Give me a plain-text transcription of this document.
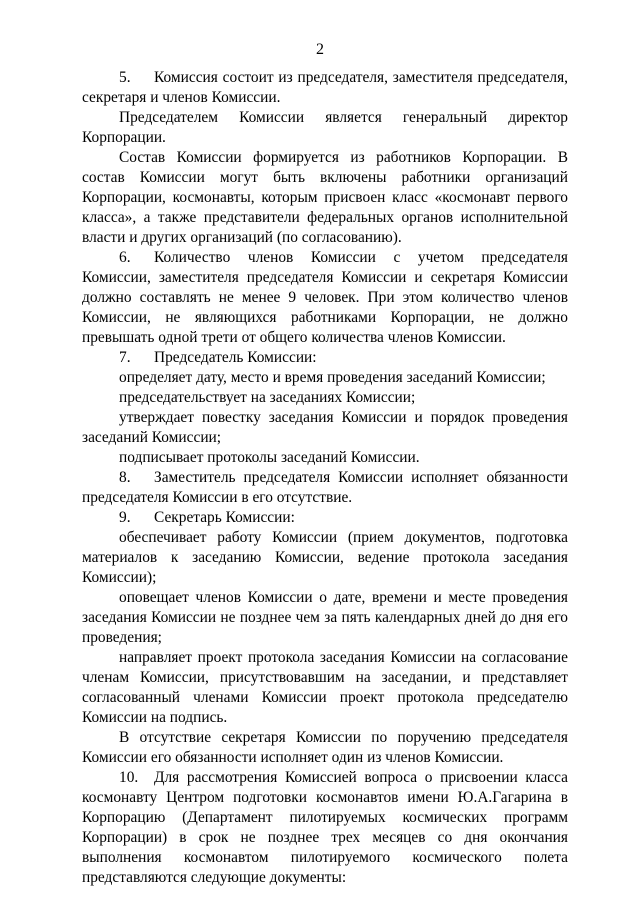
2

5. Комиссия состоит из председателя, заместителя председателя, секретаря и членов Комиссии.

Председателем Комиссии является генеральный директор Корпорации.

Состав Комиссии формируется из работников Корпорации. В состав Комиссии могут быть включены работники организаций Корпорации, космонавты, которым присвоен класс «космонавт первого класса», а также представители федеральных органов исполнительной власти и других организаций (по согласованию).

6. Количество членов Комиссии с учетом председателя Комиссии, заместителя председателя Комиссии и секретаря Комиссии должно составлять не менее 9 человек. При этом количество членов Комиссии, не являющихся работниками Корпорации, не должно превышать одной трети от общего количества членов Комиссии.

7. Председатель Комиссии:

определяет дату, место и время проведения заседаний Комиссии;

председательствует на заседаниях Комиссии;

утверждает повестку заседания Комиссии и порядок проведения заседаний Комиссии;

подписывает протоколы заседаний Комиссии.

8. Заместитель председателя Комиссии исполняет обязанности председателя Комиссии в его отсутствие.

9. Секретарь Комиссии:

обеспечивает работу Комиссии (прием документов, подготовка материалов к заседанию Комиссии, ведение протокола заседания Комиссии);

оповещает членов Комиссии о дате, времени и месте проведения заседания Комиссии не позднее чем за пять календарных дней до дня его проведения;

направляет проект протокола заседания Комиссии на согласование членам Комиссии, присутствовавшим на заседании, и представляет согласованный членами Комиссии проект протокола председателю Комиссии на подпись.

В отсутствие секретаря Комиссии по поручению председателя Комиссии его обязанности исполняет один из членов Комиссии.

10. Для рассмотрения Комиссией вопроса о присвоении класса космонавту Центром подготовки космонавтов имени Ю.А.Гагарина в Корпорацию (Департамент пилотируемых космических программ Корпорации) в срок не позднее трех месяцев со дня окончания выполнения космонавтом пилотируемого космического полета представляются следующие документы:
